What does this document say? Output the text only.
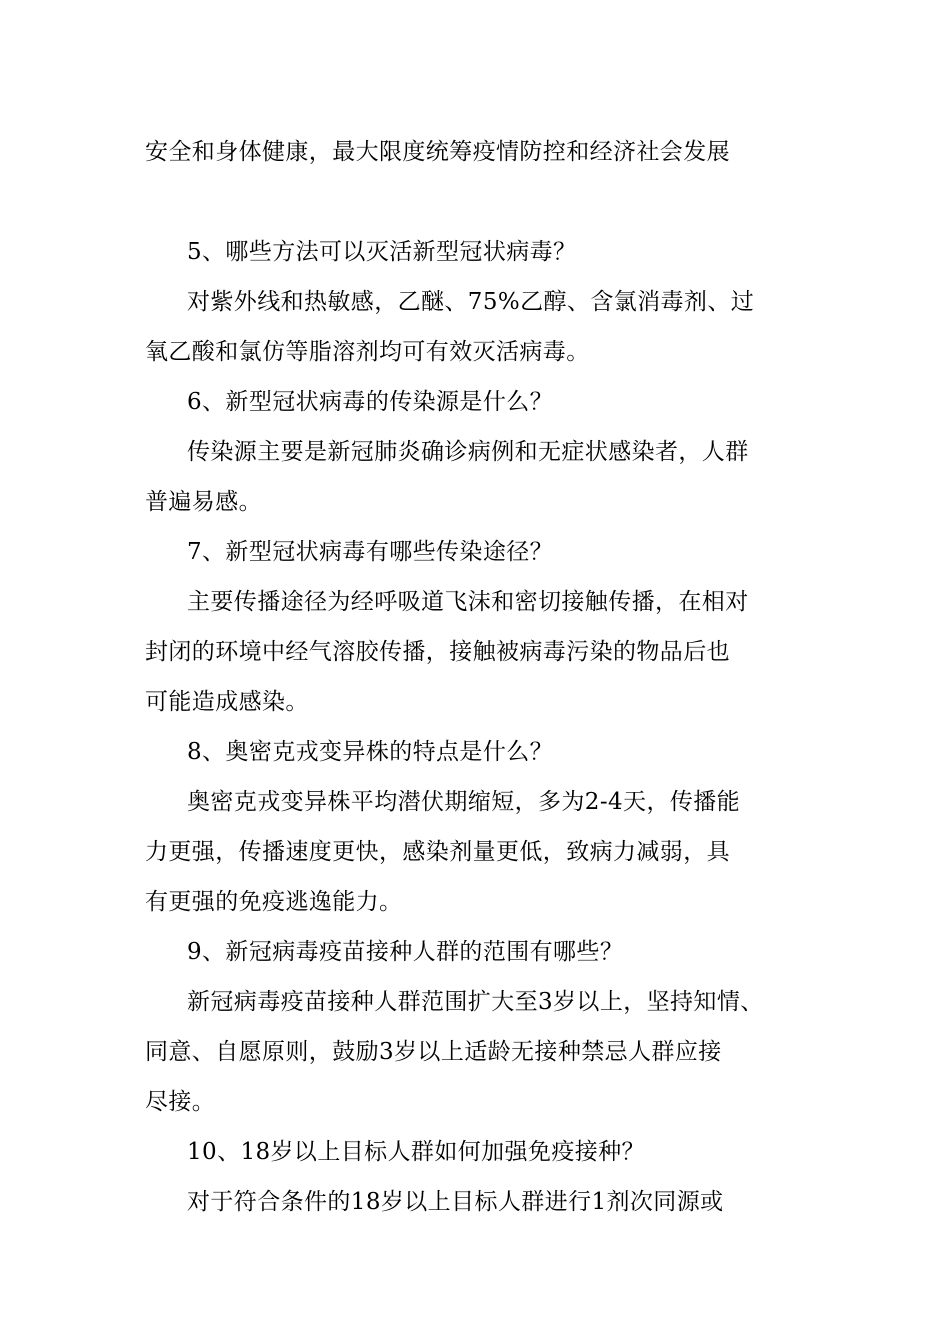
安全和身体健康，最大限度统筹疫情防控和经济社会发展
5、哪些方法可以灭活新型冠状病毒？
对紫外线和热敏感，乙醚、75%乙醇、含氯消毒剂、过
氧乙酸和氯仿等脂溶剂均可有效灭活病毒。
6、新型冠状病毒的传染源是什么？
传染源主要是新冠肺炎确诊病例和无症状感染者，人群
普遍易感。
7、新型冠状病毒有哪些传染途径？
主要传播途径为经呼吸道飞沫和密切接触传播，在相对
封闭的环境中经气溶胶传播，接触被病毒污染的物品后也
可能造成感染。
8、奥密克戎变异株的特点是什么？
奥密克戎变异株平均潜伏期缩短，多为2-4天，传播能
力更强，传播速度更快，感染剂量更低，致病力减弱，具
有更强的免疫逃逸能力。
9、新冠病毒疫苗接种人群的范围有哪些？
新冠病毒疫苗接种人群范围扩大至3岁以上，坚持知情、
同意、自愿原则，鼓励3岁以上适龄无接种禁忌人群应接
尽接。
10、18岁以上目标人群如何加强免疫接种？
对于符合条件的18岁以上目标人群进行1剂次同源或
